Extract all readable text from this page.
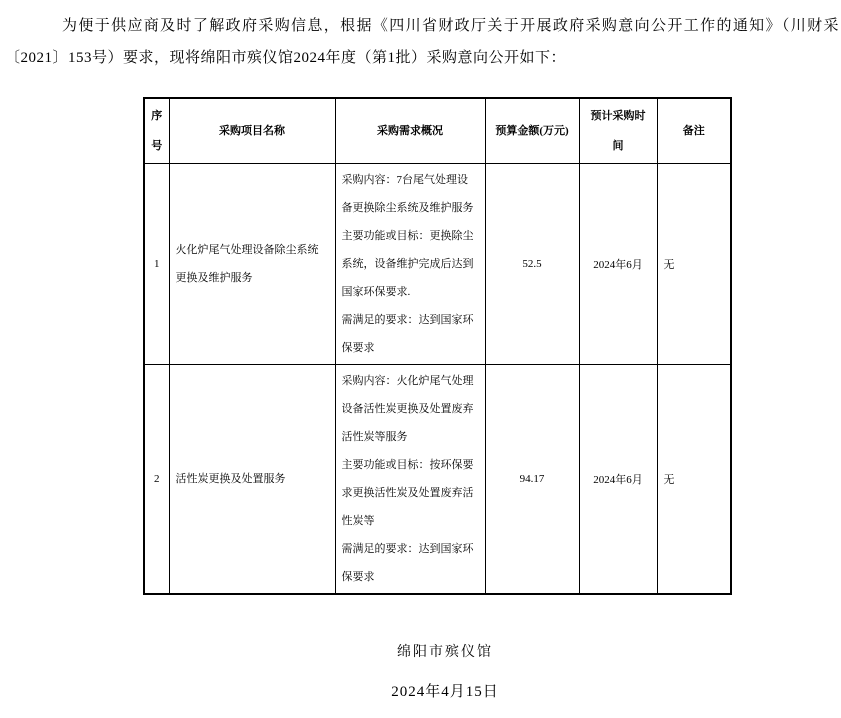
为便于供应商及时了解政府采购信息，根据《四川省财政厅关于开展政府采购意向公开工作的通知》（川财采〔2021〕153号）要求，现将绵阳市殡仪馆2024年度（第1批）采购意向公开如下：

序号	采购项目名称	采购需求概况	预算金额(万元)	预计采购时间	备注
1	火化炉尾气处理设备除尘系统更换及维护服务	采购内容：7台尾气处理设备更换除尘系统及维护服务

主要功能或目标：更换除尘系统，设备维护完成后达到国家环保要求.

需满足的要求：达到国家环保要求	52.5	2024年6月	无
2	活性炭更换及处置服务	采购内容：火化炉尾气处理设备活性炭更换及处置废弃活性炭等服务

主要功能或目标：按环保要求更换活性炭及处置废弃活性炭等

需满足的要求：达到国家环保要求	94.17	2024年6月	无

绵阳市殡仪馆

2024年4月15日
